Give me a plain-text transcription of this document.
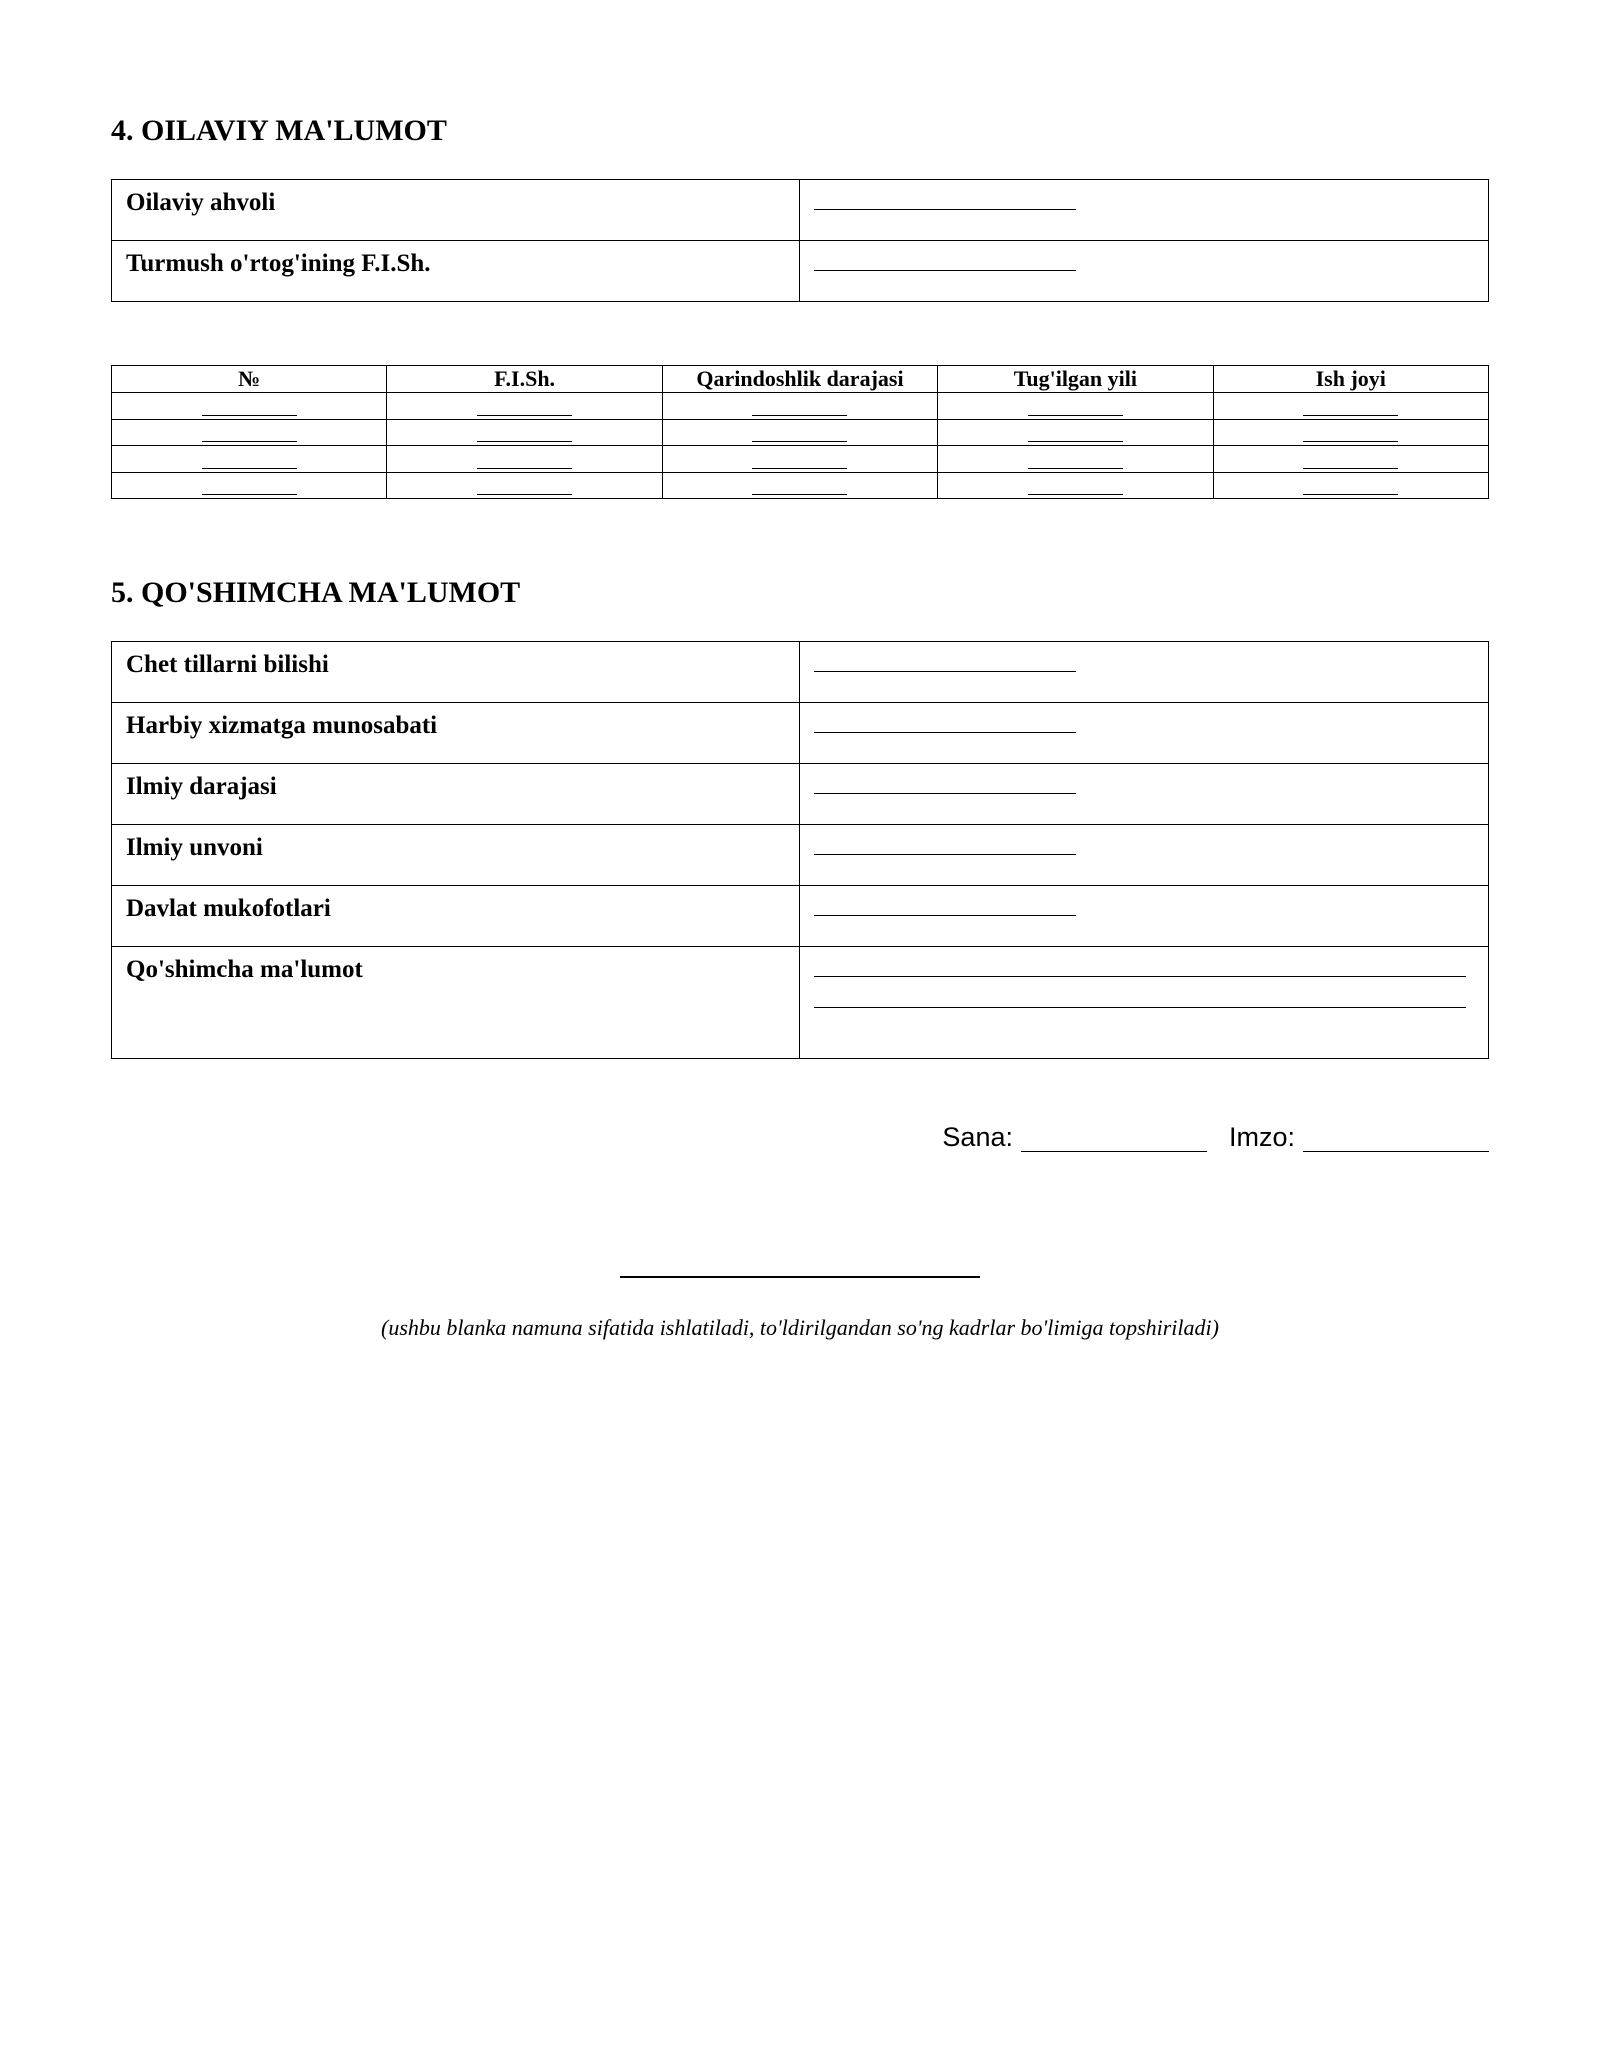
4. OILAVIY MA'LUMOT
Oilaviy ahvoli	

Turmush o'rtog'ining F.I.Sh.	
№	F.I.Sh.	Qarindoshlik darajasi	Tug'ilgan yili	Ish joyi

5. QO'SHIMCHA MA'LUMOT
Chet tillarni bilishi	

Harbiy xizmatga munosabati	

Ilmiy darajasi	

Ilmiy unvoni	

Davlat mukofotlari	

Qo'shimcha ma'lumot	
Sana:	Imzo:
(ushbu blanka namuna sifatida ishlatiladi, to'ldirilgandan so'ng kadrlar bo'limiga topshiriladi)
